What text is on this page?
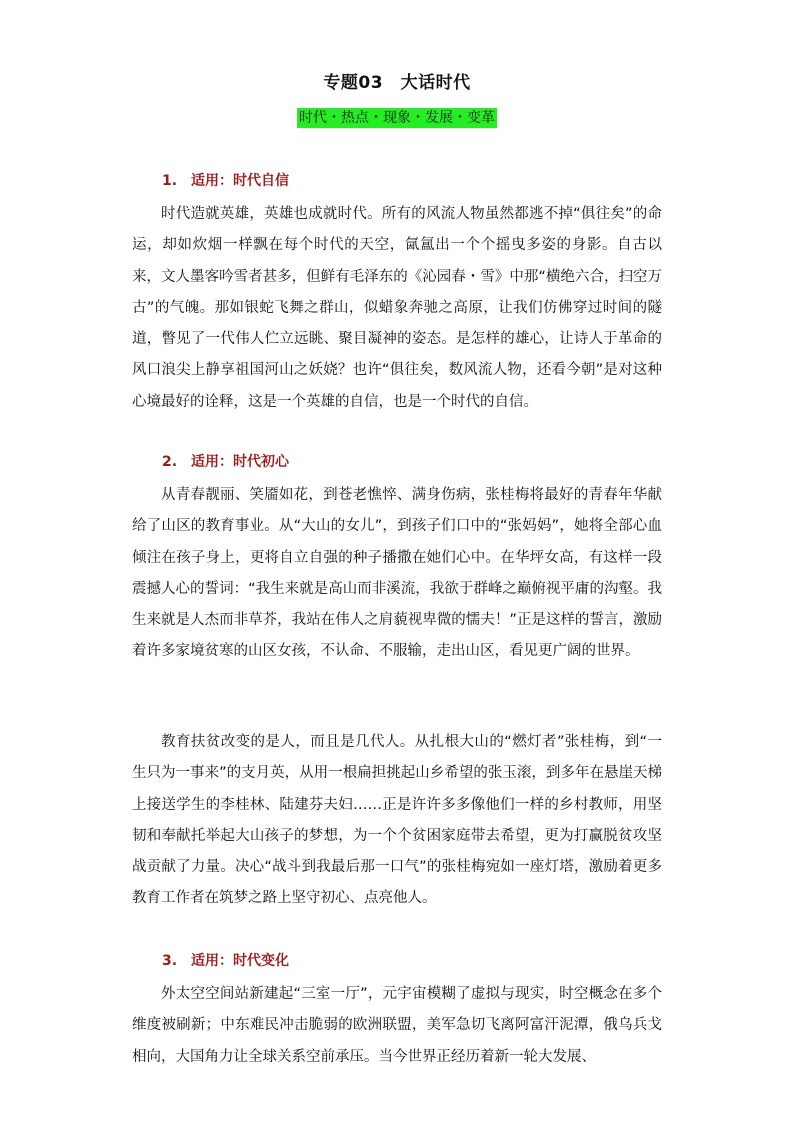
专题03　大话时代
时代・热点・现象・发展・变革
1.　适用：时代自信

时代造就英雄，英雄也成就时代。所有的风流人物虽然都逃不掉“俱往矣”的命运，却如炊烟一样飘在每个时代的天空，氤氲出一个个摇曳多姿的身影。自古以来，文人墨客吟雪者甚多，但鲜有毛泽东的《沁园春・雪》中那“横绝六合，扫空万古”的气魄。那如银蛇飞舞之群山，似蜡象奔驰之高原，让我们仿佛穿过时间的隧道，瞥见了一代伟人伫立远眺、聚目凝神的姿态。是怎样的雄心，让诗人于革命的风口浪尖上静享祖国河山之妖娆？也许“俱往矣，数风流人物，还看今朝”是对这种心境最好的诠释，这是一个英雄的自信，也是一个时代的自信。

2.　适用：时代初心

从青春靓丽、笑靥如花，到苍老憔悴、满身伤病，张桂梅将最好的青春年华献给了山区的教育事业。从“大山的女儿”，到孩子们口中的“张妈妈”，她将全部心血倾注在孩子身上，更将自立自强的种子播撒在她们心中。在华坪女高，有这样一段震撼人心的誓词：“我生来就是高山而非溪流，我欲于群峰之巅俯视平庸的沟壑。我生来就是人杰而非草芥，我站在伟人之肩藐视卑微的懦夫！”正是这样的誓言，激励着许多家境贫寒的山区女孩，不认命、不服输，走出山区，看见更广阔的世界。

教育扶贫改变的是人，而且是几代人。从扎根大山的“燃灯者”张桂梅，到“一生只为一事来”的支月英，从用一根扁担挑起山乡希望的张玉滚，到多年在悬崖天梯上接送学生的李桂林、陆建芬夫妇……正是许许多多像他们一样的乡村教师，用坚韧和奉献托举起大山孩子的梦想，为一个个贫困家庭带去希望，更为打赢脱贫攻坚战贡献了力量。决心“战斗到我最后那一口气”的张桂梅宛如一座灯塔，激励着更多教育工作者在筑梦之路上坚守初心、点亮他人。

3.　适用：时代变化

外太空空间站新建起“三室一厅”，元宇宙模糊了虚拟与现实，时空概念在多个维度被刷新；中东难民冲击脆弱的欧洲联盟，美军急切飞离阿富汗泥潭，俄乌兵戈相向，大国角力让全球关系空前承压。当今世界正经历着新一轮大发展、
